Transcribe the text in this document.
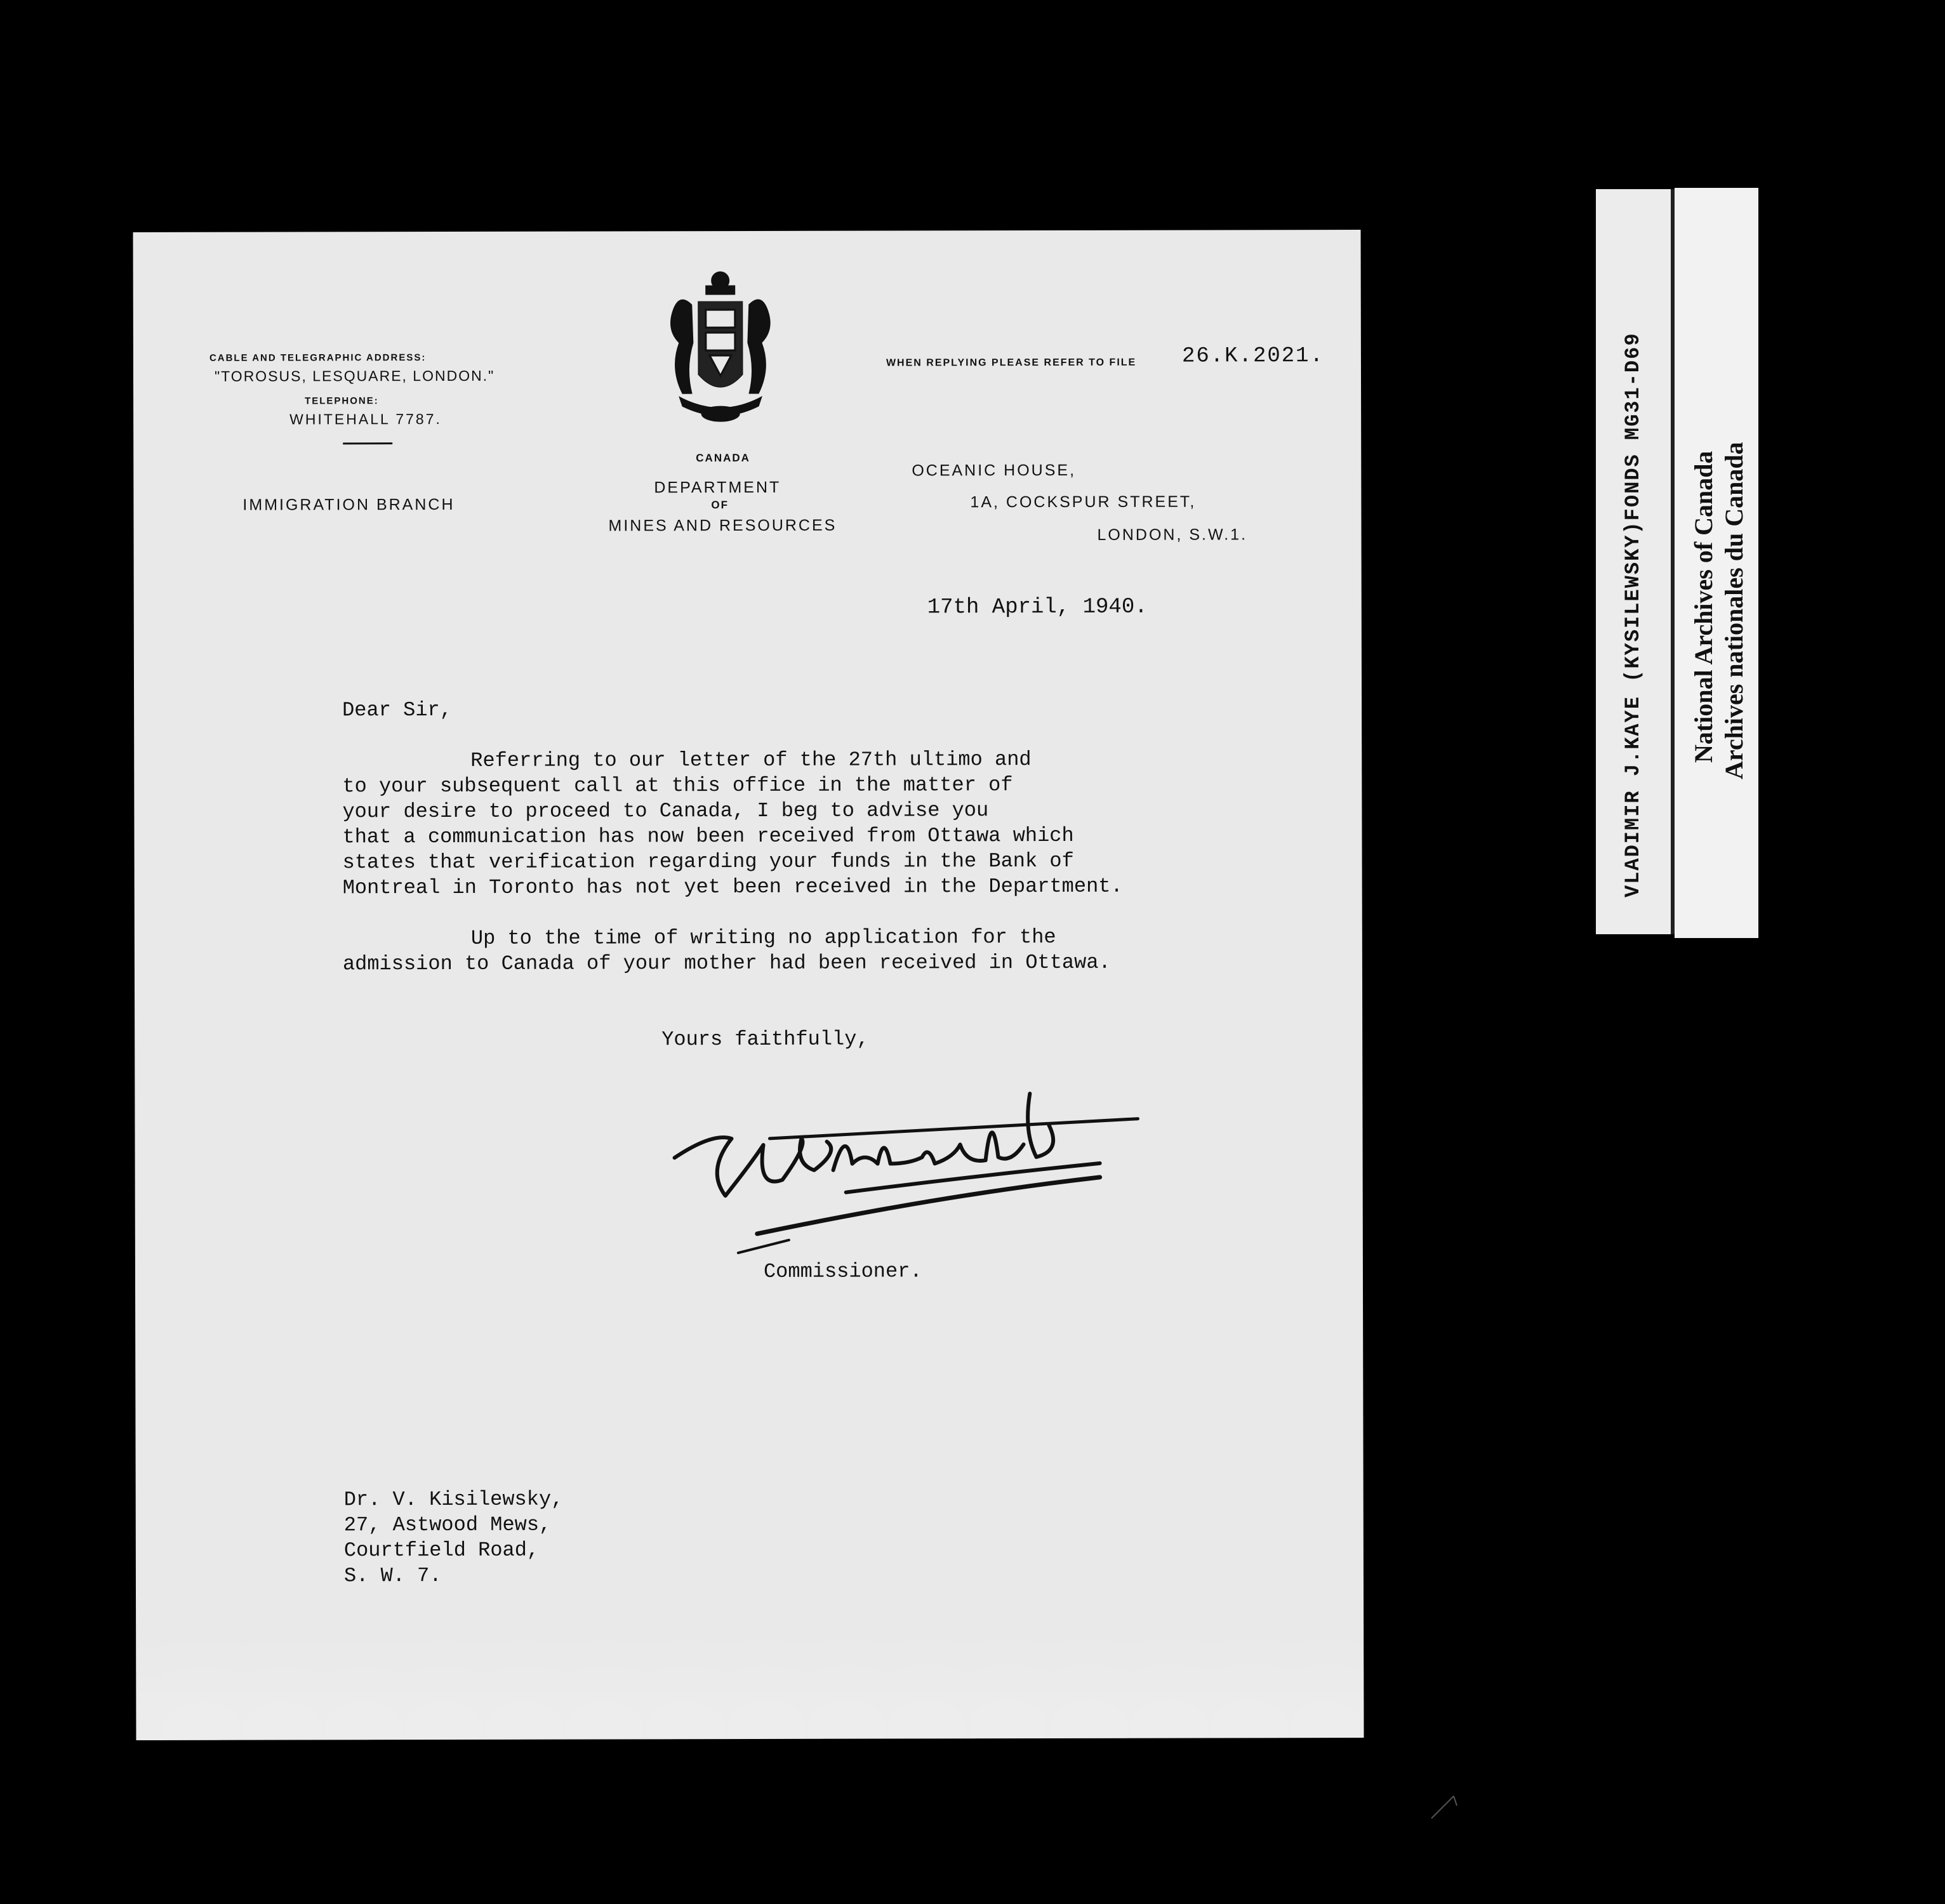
CABLE AND TELEGRAPHIC ADDRESS:
"TOROSUS, LESQUARE, LONDON."
TELEPHONE:
WHITEHALL 7787.
IMMIGRATION BRANCH
CANADA
DEPARTMENT
OF
MINES AND RESOURCES
WHEN REPLYING PLEASE REFER TO FILE 26.K.2021.
OCEANIC HOUSE,
1A, COCKSPUR STREET,
LONDON, S.W.1.
17th April, 1940.
Dear Sir,
Referring to our letter of the 27th ultimo and
to your subsequent call at this office in the matter of
your desire to proceed to Canada, I beg to advise you
that a communication has now been received from Ottawa which
states that verification regarding your funds in the Bank of
Montreal in Toronto has not yet been received in the Department.
Up to the time of writing no application for the
admission to Canada of your mother had been received in Ottawa.
Yours faithfully,
Commissioner.
Dr. V. Kisilewsky,
27, Astwood Mews,
Courtfield Road,
S. W. 7.
VLADIMIR J.KAYE (KYSILEWSKY)FONDS MG31-D69 National Archives of Canada Archives nationales du Canada
